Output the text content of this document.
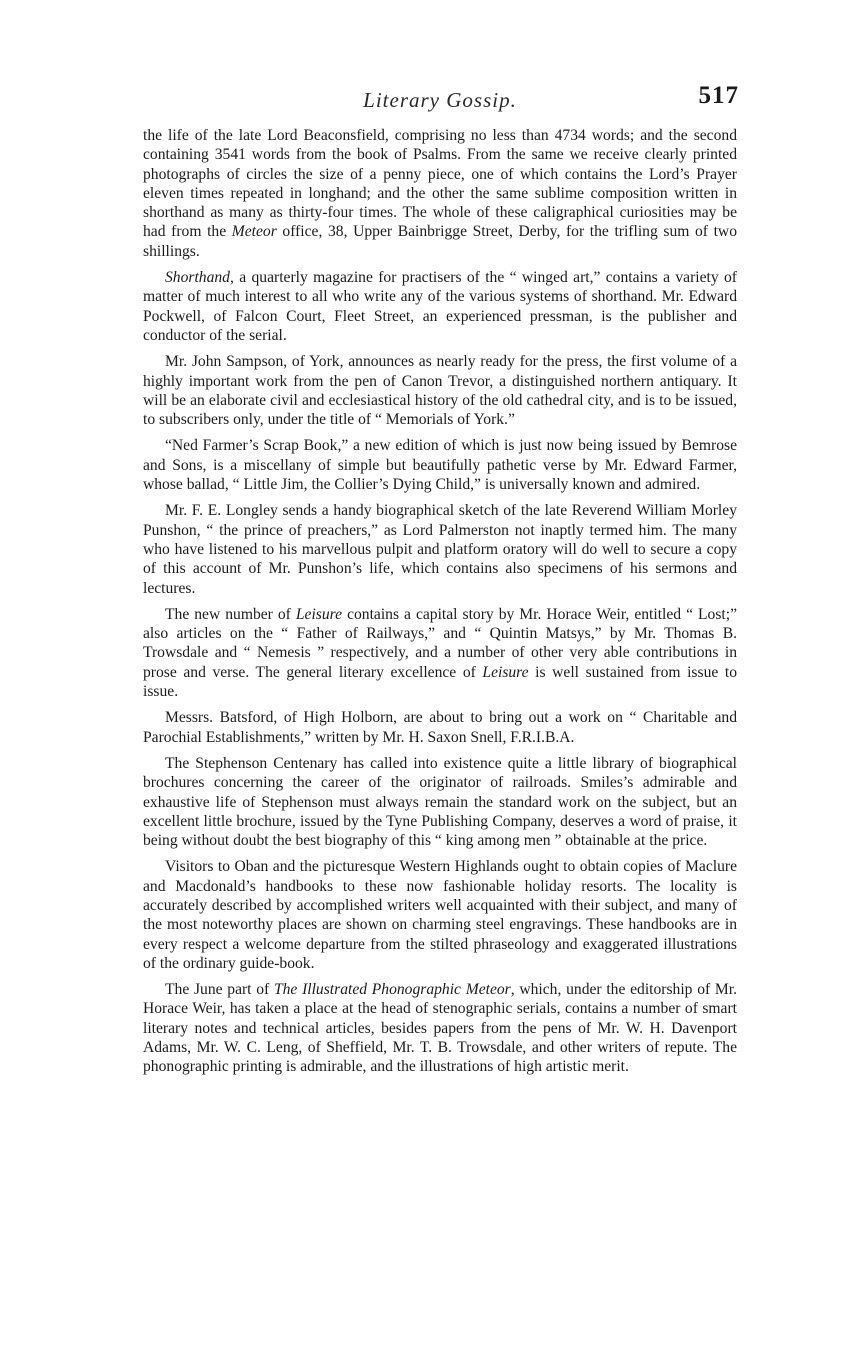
Literary Gossip.	517

the life of the late Lord Beaconsfield, comprising no less than 4734 words; and the second containing 3541 words from the book of Psalms. From the same we receive clearly printed photographs of circles the size of a penny piece, one of which contains the Lord’s Prayer eleven times repeated in longhand; and the other the same sublime composition written in shorthand as many as thirty-four times. The whole of these caligraphical curiosities may be had from the Meteor office, 38, Upper Bainbrigge Street, Derby, for the trifling sum of two shillings.

Shorthand, a quarterly magazine for practisers of the “ winged art,” contains a variety of matter of much interest to all who write any of the various systems of shorthand. Mr. Edward Pockwell, of Falcon Court, Fleet Street, an experienced pressman, is the publisher and conductor of the serial.

Mr. John Sampson, of York, announces as nearly ready for the press, the first volume of a highly important work from the pen of Canon Trevor, a distinguished northern antiquary. It will be an elaborate civil and ecclesiastical history of the old cathedral city, and is to be issued, to subscribers only, under the title of “ Memorials of York.”

“Ned Farmer’s Scrap Book,” a new edition of which is just now being issued by Bemrose and Sons, is a miscellany of simple but beautifully pathetic verse by Mr. Edward Farmer, whose ballad, “ Little Jim, the Collier’s Dying Child,” is universally known and admired.

Mr. F. E. Longley sends a handy biographical sketch of the late Reverend William Morley Punshon, “ the prince of preachers,” as Lord Palmerston not inaptly termed him. The many who have listened to his marvellous pulpit and platform oratory will do well to secure a copy of this account of Mr. Punshon’s life, which contains also specimens of his sermons and lectures.

The new number of Leisure contains a capital story by Mr. Horace Weir, entitled “ Lost;” also articles on the “ Father of Railways,” and “ Quintin Matsys,” by Mr. Thomas B. Trowsdale and “ Nemesis ” respectively, and a number of other very able contributions in prose and verse. The general literary excellence of Leisure is well sustained from issue to issue.

Messrs. Batsford, of High Holborn, are about to bring out a work on “ Charitable and Parochial Establishments,” written by Mr. H. Saxon Snell, F.R.I.B.A.

The Stephenson Centenary has called into existence quite a little library of biographical brochures concerning the career of the originator of railroads. Smiles’s admirable and exhaustive life of Stephenson must always remain the standard work on the subject, but an excellent little brochure, issued by the Tyne Publishing Company, deserves a word of praise, it being without doubt the best biography of this “ king among men ” obtainable at the price.

Visitors to Oban and the picturesque Western Highlands ought to obtain copies of Maclure and Macdonald’s handbooks to these now fashionable holiday resorts. The locality is accurately described by accomplished writers well acquainted with their subject, and many of the most noteworthy places are shown on charming steel engravings. These handbooks are in every respect a welcome departure from the stilted phraseology and exaggerated illustrations of the ordinary guide-book.

The June part of The Illustrated Phonographic Meteor, which, under the editorship of Mr. Horace Weir, has taken a place at the head of stenographic serials, contains a number of smart literary notes and technical articles, besides papers from the pens of Mr. W. H. Davenport Adams, Mr. W. C. Leng, of Sheffield, Mr. T. B. Trowsdale, and other writers of repute. The phonographic printing is admirable, and the illustrations of high artistic merit.
